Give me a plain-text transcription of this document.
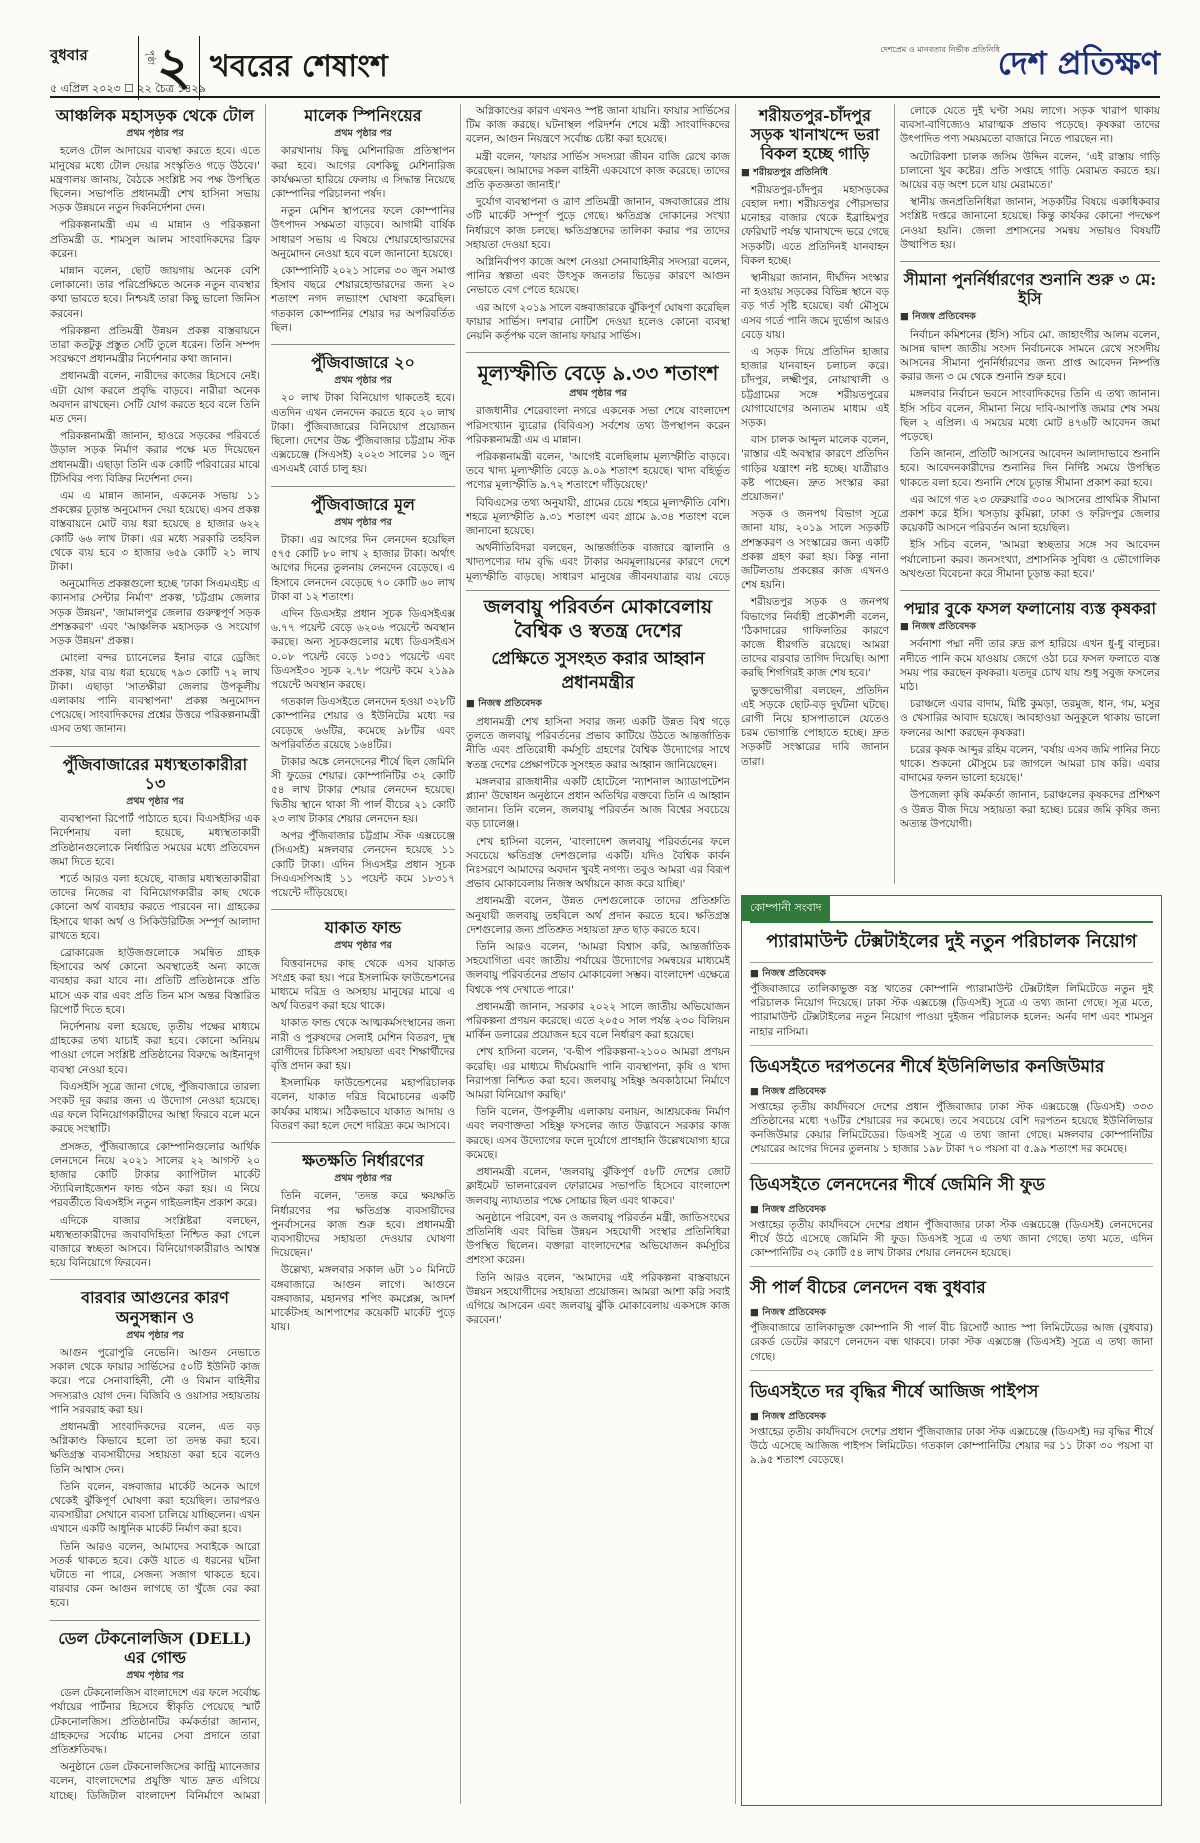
বুধবার
৫ এপ্রিল ২০২৩ ☐ ২২ চৈত্র ১৪২৯
পৃষ্ঠা ২ খবরের শেষাংশ	দেশপ্রেম ও মানবতার নির্ভীক প্রতিনিধি
দেশ প্রতিক্ষণ
আঞ্চলিক মহাসড়ক থেকে টোল
প্রথম পৃষ্ঠার পর

হলেও টোল আদায়ের ব্যবস্থা করতে হবে। এতে মানুষের মধ্যে টোল দেয়ার সংস্কৃতিও গড়ে উঠবে।' মন্ত্রণালয় জানায়, বৈঠকে সংশ্লিষ্ট সব পক্ষ উপস্থিত ছিলেন। সভাপতি প্রধানমন্ত্রী শেখ হাসিনা সভায় সড়ক উন্নয়নে নতুন দিকনির্দেশনা দেন।

পরিকল্পনামন্ত্রী এম এ মান্নান ও পরিকল্পনা প্রতিমন্ত্রী ড. শামসুল আলম সাংবাদিকদের ব্রিফ করেন।

মান্নান বলেন, ছোট জায়গায় অনেক বেশি লোকানো। তার পরিপ্রেক্ষিতে অনেক নতুন ব্যবস্থার কথা ভাবতে হবে। নিশ্চয়ই তারা কিছু ভালো জিনিস করবেন।

পরিকল্পনা প্রতিমন্ত্রী উন্নয়ন প্রকল্প বাস্তবায়নে তারা কতটুকু প্রস্তুত সেটি তুলে ধরেন। তিনি সম্পদ সংরক্ষণে প্রধানমন্ত্রীর নির্দেশনার কথা জানান।

প্রধানমন্ত্রী বলেন, নারীদের কাজের হিসেবে নেই। এটা যোগ করলে প্রবৃদ্ধি বাড়বে। নারীরা অনেক অবদান রাখছেন। সেটি যোগ করতে হবে বলে তিনি মত দেন।

পরিকল্পনামন্ত্রী জানান, হাওরে সড়কের পরিবর্তে উড়াল সড়ক নির্মাণ করার পক্ষে মত দিয়েছেন প্রধানমন্ত্রী। এছাড়া তিনি এক কোটি পরিবারের মাঝে টিসিবির পণ্য বিক্রির নির্দেশনা দেন।

এম এ মান্নান জানান, একনেক সভায় ১১ প্রকল্পের চূড়ান্ত অনুমোদন দেয়া হয়েছে। এসব প্রকল্প বাস্তবায়নে মোট ব্যয় ধরা হয়েছে ৪ হাজার ৬২২ কোটি ৬৬ লাখ টাকা। এর মধ্যে সরকারি তহবিল থেকে ব্যয় হবে ৩ হাজার ৬৫৯ কোটি ২১ লাখ টাকা।

অনুমোদিত প্রকল্পগুলো হচ্ছে 'ঢাকা সিএমএইচ এ ক্যানসার সেন্টার নির্মাণ' প্রকল্প, 'চট্টগ্রাম জেলার সড়ক উন্নয়ন', 'জামালপুর জেলার গুরুত্বপূর্ণ সড়ক প্রশস্তকরণ' এবং 'আঞ্চলিক মহাসড়ক ও সংযোগ সড়ক উন্নয়ন' প্রকল্প।

মোংলা বন্দর চ্যানেলের ইনার বারে ড্রেজিং প্রকল্প, যার ব্যয় ধরা হয়েছে ৭৯৩ কোটি ৭২ লাখ টাকা। এছাড়া 'সাতক্ষীরা জেলার উপকূলীয় এলাকায় পানি ব্যবস্থাপনা' প্রকল্প অনুমোদন পেয়েছে। সাংবাদিকদের প্রশ্নের উত্তরে পরিকল্পনামন্ত্রী এসব তথ্য জানান।

পুঁজিবাজারের মধ্যস্থতাকারীরা ১৩
প্রথম পৃষ্ঠার পর

ব্যবস্থাপনা রিপোর্ট পাঠাতে হবে। বিএসইসির এক নির্দেশনায় বলা হয়েছে, মধ্যস্থতাকারী প্রতিষ্ঠানগুলোকে নির্ধারিত সময়ের মধ্যে প্রতিবেদন জমা দিতে হবে।

শর্তে আরও বলা হয়েছে, বাজার মধ্যস্থতাকারীরা তাদের নিজের বা বিনিয়োগকারীর কাছ থেকে কোনো অর্থ ব্যবহার করতে পারবেন না। গ্রাহকের হিসাবে থাকা অর্থ ও সিকিউরিটিজ সম্পূর্ণ আলাদা রাখতে হবে।

ব্রোকারেজ হাউজগুলোকে সমন্বিত গ্রাহক হিসাবের অর্থ কোনো অবস্থাতেই অন্য কাজে ব্যবহার করা যাবে না। প্রতিটি প্রতিষ্ঠানকে প্রতি মাসে এক বার এবং প্রতি তিন মাস অন্তর বিস্তারিত রিপোর্ট দিতে হবে।

নির্দেশনায় বলা হয়েছে, তৃতীয় পক্ষের মাধ্যমে গ্রাহকের তথ্য যাচাই করা হবে। কোনো অনিয়ম পাওয়া গেলে সংশ্লিষ্ট প্রতিষ্ঠানের বিরুদ্ধে আইনানুগ ব্যবস্থা নেওয়া হবে।

বিএসইসি সূত্রে জানা গেছে, পুঁজিবাজারে তারল্য সংকট দূর করার জন্য এ উদ্যোগ নেওয়া হয়েছে। এর ফলে বিনিয়োগকারীদের আস্থা ফিরবে বলে মনে করছে সংস্থাটি।

প্রসঙ্গত, পুঁজিবাজারে কোম্পানিগুলোর আর্থিক লেনদেনে নিয়ে ২০২১ সালের ২২ আগস্ট ২০ হাজার কোটি টাকার ক্যাপিটাল মার্কেট স্ট্যাবিলাইজেশন ফান্ড গঠন করা হয়। এ নিয়ে পরবর্তীতে বিএসইসি নতুন গাইডলাইন প্রকাশ করে।

এদিকে বাজার সংশ্লিষ্টরা বলছেন, মধ্যস্থতাকারীদের জবাবদিহিতা নিশ্চিত করা গেলে বাজারে স্বচ্ছতা আসবে। বিনিয়োগকারীরাও আশ্বস্ত হয়ে বিনিয়োগে ফিরবেন।

বারবার আগুনের কারণ অনুসন্ধান ও
প্রথম পৃষ্ঠার পর

আগুন পুরোপুরি নেভেনি। আগুন নেভাতে সকাল থেকে ফায়ার সার্ভিসের ৫০টি ইউনিট কাজ করে। পরে সেনাবাহিনী, নৌ ও বিমান বাহিনীর সদস্যরাও যোগ দেন। বিজিবি ও ওয়াসার সহায়তায় পানি সরবরাহ করা হয়।

প্রধানমন্ত্রী সাংবাদিকদের বলেন, এত বড় অগ্নিকাণ্ড কিভাবে হলো তা তদন্ত করা হবে। ক্ষতিগ্রস্ত ব্যবসায়ীদের সহায়তা করা হবে বলেও তিনি আশ্বাস দেন।

তিনি বলেন, বঙ্গবাজার মার্কেট অনেক আগে থেকেই ঝুঁকিপূর্ণ ঘোষণা করা হয়েছিল। তারপরও ব্যবসায়ীরা সেখানে ব্যবসা চালিয়ে যাচ্ছিলেন। এখন এখানে একটি আধুনিক মার্কেট নির্মাণ করা হবে।

তিনি আরও বলেন, আমাদের সবাইকে আরো সতর্ক থাকতে হবে। কেউ যাতে এ ধরনের ঘটনা ঘটাতে না পারে, সেজন্য সজাগ থাকতে হবে। বারবার কেন আগুন লাগছে তা খুঁজে বের করা হবে।

ডেল টেকনোলজিস (DELL) এর গোল্ড
প্রথম পৃষ্ঠার পর

ডেল টেকনোলজিস বাংলাদেশে এর ফলে সর্বোচ্চ পর্যায়ের পার্টনার হিসেবে স্বীকৃতি পেয়েছে স্মার্ট টেকনোলজিস। প্রতিষ্ঠানটির কর্মকর্তারা জানান, গ্রাহকদের সর্বোচ্চ মানের সেবা প্রদানে তারা প্রতিশ্রুতিবদ্ধ।

অনুষ্ঠানে ডেল টেকনোলজিসের কান্ট্রি ম্যানেজার বলেন, বাংলাদেশের প্রযুক্তি খাত দ্রুত এগিয়ে যাচ্ছে। ডিজিটাল বাংলাদেশ বিনির্মাণে আমরা

মালেক স্পিনিংয়ের
প্রথম পৃষ্ঠার পর

কারখানায় কিছু মেশিনারিজ প্রতিস্থাপন করা হবে। আগের বেশকিছু মেশিনারিজ কার্যক্ষমতা হারিয়ে ফেলায় এ সিদ্ধান্ত নিয়েছে কোম্পানির পরিচালনা পর্ষদ।

নতুন মেশিন স্থাপনের ফলে কোম্পানির উৎপাদন সক্ষমতা বাড়বে। আগামী বার্ষিক সাধারণ সভায় এ বিষয়ে শেয়ারহোল্ডারদের অনুমোদন নেওয়া হবে বলে জানানো হয়েছে।

কোম্পানিটি ২০২১ সালের ৩০ জুন সমাপ্ত হিসাব বছরে শেয়ারহোল্ডারদের জন্য ২০ শতাংশ নগদ লভ্যাংশ ঘোষণা করেছিল। গতকাল কোম্পানির শেয়ার দর অপরিবর্তিত ছিল।

পুঁজিবাজারে ২০
প্রথম পৃষ্ঠার পর

২০ লাখ টাকা বিনিয়োগ থাকতেই হবে। এতদিন এখন লেনদেন করতে হবে ২০ লাখ টাকা। পুঁজিবাজারের বিনিয়োগ প্রয়োজন ছিলো। দেশের উচ্চ পুঁজিবাজার চট্টগ্রাম স্টক এক্সচেঞ্জে (সিএসই) ২০২৩ সালের ১০ জুন এসএমই বোর্ড চালু হয়।

পুঁজিবাজারে মূল
প্রথম পৃষ্ঠার পর

টাকা। এর আগের দিন লেনদেন হয়েছিল ৫৭৫ কোটি ৮০ লাখ ২ হাজার টাকা। অর্থাৎ আগের দিনের তুলনায় লেনদেন বেড়েছে। এ হিসাবে লেনদেন বেড়েছে ৭০ কোটি ৬০ লাখ টাকা বা ১২ শতাংশ।

এদিন ডিএসইর প্রধান সূচক ডিএসইএক্স ৬.৭৭ পয়েন্ট বেড়ে ৬২০৬ পয়েন্টে অবস্থান করছে। অন্য সূচকগুলোর মধ্যে ডিএসইএস ০.০৮ পয়েন্ট বেড়ে ১৩৫১ পয়েন্টে এবং ডিএসই৩০ সূচক ২.৭৮ পয়েন্ট কমে ২১৯৯ পয়েন্টে অবস্থান করছে।

গতকাল ডিএসইতে লেনদেন হওয়া ৩২৮টি কোম্পানির শেয়ার ও ইউনিটের মধ্যে দর বেড়েছে ৬৬টির, কমেছে ৯৮টির এবং অপরিবর্তিত রয়েছে ১৬৪টির।

টাকার অঙ্কে লেনদেনের শীর্ষে ছিল জেমিনি সী ফুডের শেয়ার। কোম্পানিটির ৩২ কোটি ৫৪ লাখ টাকার শেয়ার লেনদেন হয়েছে। দ্বিতীয় স্থানে থাকা সী পার্ল বীচের ২১ কোটি ২৩ লাখ টাকার শেয়ার লেনদেন হয়।

অপর পুঁজিবাজার চট্টগ্রাম স্টক এক্সচেঞ্জে (সিএসই) মঙ্গলবার লেনদেন হয়েছে ১১ কোটি টাকা। এদিন সিএসইর প্রধান সূচক সিএএসপিআই ১১ পয়েন্ট কমে ১৮৩১৭ পয়েন্টে দাঁড়িয়েছে।

যাকাত ফান্ড
প্রথম পৃষ্ঠার পর

বিত্তবানদের কাছ থেকে এসব যাকাত সংগ্রহ করা হয়। পরে ইসলামিক ফাউন্ডেশনের মাধ্যমে দরিদ্র ও অসহায় মানুষের মাঝে এ অর্থ বিতরণ করা হয়ে থাকে।

যাকাত ফান্ড থেকে আত্মকর্মসংস্থানের জন্য নারী ও পুরুষদের সেলাই মেশিন বিতরণ, দুস্থ রোগীদের চিকিৎসা সহায়তা এবং শিক্ষার্থীদের বৃত্তি প্রদান করা হয়।

ইসলামিক ফাউন্ডেশনের মহাপরিচালক বলেন, যাকাত দরিদ্র বিমোচনের একটি কার্যকর মাধ্যম। সঠিকভাবে যাকাত আদায় ও বিতরণ করা হলে দেশে দারিদ্র্য কমে আসবে।

ক্ষতক্ষতি নির্ধারণের
প্রথম পৃষ্ঠার পর

তিনি বলেন, 'তদন্ত করে ক্ষয়ক্ষতি নির্ধারণের পর ক্ষতিগ্রস্ত ব্যবসায়ীদের পুনর্বাসনের কাজ শুরু হবে। প্রধানমন্ত্রী ব্যবসায়ীদের সহায়তা দেওয়ার ঘোষণা দিয়েছেন।'

উল্লেখ্য, মঙ্গলবার সকাল ৬টা ১০ মিনিটে বঙ্গবাজারে আগুন লাগে। আগুনে বঙ্গবাজার, মহানগর শপিং কমপ্লেক্স, আদর্শ মার্কেটসহ আশপাশের কয়েকটি মার্কেট পুড়ে যায়।

অগ্নিকাণ্ডের কারণ এখনও স্পষ্ট জানা যায়নি। ফায়ার সার্ভিসের টিম কাজ করছে। ঘটনাস্থল পরিদর্শন শেষে মন্ত্রী সাংবাদিকদের বলেন, আগুন নিয়ন্ত্রণে সর্বোচ্চ চেষ্টা করা হয়েছে।

মন্ত্রী বলেন, 'ফায়ার সার্ভিস সদস্যরা জীবন বাজি রেখে কাজ করেছেন। আমাদের সকল বাহিনী একযোগে কাজ করেছে। তাদের প্রতি কৃতজ্ঞতা জানাই।'

দুর্যোগ ব্যবস্থাপনা ও ত্রাণ প্রতিমন্ত্রী জানান, বঙ্গবাজারের প্রায় ৩টি মার্কেট সম্পূর্ণ পুড়ে গেছে। ক্ষতিগ্রস্ত দোকানের সংখ্যা নির্ধারণে কাজ চলছে। ক্ষতিগ্রস্তদের তালিকা করার পর তাদের সহায়তা দেওয়া হবে।

অগ্নিনির্বাপণ কাজে অংশ নেওয়া সেনাবাহিনীর সদস্যরা বলেন, পানির স্বল্পতা এবং উৎসুক জনতার ভিড়ের কারণে আগুন নেভাতে বেগ পেতে হয়েছে।

এর আগে ২০১৯ সালে বঙ্গবাজারকে ঝুঁকিপূর্ণ ঘোষণা করেছিল ফায়ার সার্ভিস। দশবার নোটিশ দেওয়া হলেও কোনো ব্যবস্থা নেয়নি কর্তৃপক্ষ বলে জানায় ফায়ার সার্ভিস।

মূল্যস্ফীতি বেড়ে ৯.৩৩ শতাংশ
প্রথম পৃষ্ঠার পর

রাজধানীর শেরেবাংলা নগরে একনেক সভা শেষে বাংলাদেশ পরিসংখ্যান ব্যুরোর (বিবিএস) সর্বশেষ তথ্য উপস্থাপন করেন পরিকল্পনামন্ত্রী এম এ মান্নান।

পরিকল্পনামন্ত্রী বলেন, 'আগেই বলেছিলাম মূল্যস্ফীতি বাড়বে। তবে খাদ্য মূল্যস্ফীতি বেড়ে ৯.০৯ শতাংশ হয়েছে। খাদ্য বহির্ভূত পণ্যের মূল্যস্ফীতি ৯.৭২ শতাংশে দাঁড়িয়েছে।'

বিবিএসের তথ্য অনুযায়ী, গ্রামের চেয়ে শহরে মূল্যস্ফীতি বেশি। শহরে মূল্যস্ফীতি ৯.৩১ শতাংশ এবং গ্রামে ৯.৩৪ শতাংশ বলে জানানো হয়েছে।

অর্থনীতিবিদরা বলছেন, আন্তর্জাতিক বাজারে জ্বালানি ও খাদ্যপণ্যের দাম বৃদ্ধি এবং টাকার অবমূল্যায়নের কারণে দেশে মূল্যস্ফীতি বাড়ছে। সাধারণ মানুষের জীবনযাত্রার ব্যয় বেড়ে

জলবায়ু পরিবর্তন মোকাবেলায় বৈশ্বিক ও স্বতন্ত্র দেশের
প্রেক্ষিতে সুসংহত করার আহ্বান প্রধানমন্ত্রীর
■ নিজস্ব প্রতিবেদক

প্রধানমন্ত্রী শেখ হাসিনা সবার জন্য একটি উন্নত বিশ্ব গড়ে তুলতে জলবায়ু পরিবর্তনের প্রভাব কাটিয়ে উঠতে আন্তর্জাতিক নীতি এবং প্রতিরোধী কর্মসূচি গ্রহণের বৈশ্বিক উদ্যোগের সাথে স্বতন্ত্র দেশের প্রেক্ষাপটকে সুসংহত করার আহ্বান জানিয়েছেন।

মঙ্গলবার রাজধানীর একটি হোটেলে 'ন্যাশনাল অ্যাডাপটেশন প্ল্যান' উদ্বোধন অনুষ্ঠানে প্রধান অতিথির বক্তব্যে তিনি এ আহ্বান জানান। তিনি বলেন, জলবায়ু পরিবর্তন আজ বিশ্বের সবচেয়ে বড় চ্যালেঞ্জ।

শেখ হাসিনা বলেন, 'বাংলাদেশ জলবায়ু পরিবর্তনের ফলে সবচেয়ে ক্ষতিগ্রস্ত দেশগুলোর একটি। যদিও বৈশ্বিক কার্বন নিঃসরণে আমাদের অবদান খুবই নগণ্য। তবুও আমরা এর বিরূপ প্রভাব মোকাবেলায় নিজস্ব অর্থায়নে কাজ করে যাচ্ছি।'

প্রধানমন্ত্রী বলেন, উন্নত দেশগুলোকে তাদের প্রতিশ্রুতি অনুযায়ী জলবায়ু তহবিলে অর্থ প্রদান করতে হবে। ক্ষতিগ্রস্ত দেশগুলোর জন্য প্রতিশ্রুত সহায়তা দ্রুত ছাড় করতে হবে।

তিনি আরও বলেন, 'আমরা বিশ্বাস করি, আন্তর্জাতিক সহযোগিতা এবং জাতীয় পর্যায়ের উদ্যোগের সমন্বয়ের মাধ্যমেই জলবায়ু পরিবর্তনের প্রভাব মোকাবেলা সম্ভব। বাংলাদেশ এক্ষেত্রে বিশ্বকে পথ দেখাতে পারে।'

প্রধানমন্ত্রী জানান, সরকার ২০২২ সালে জাতীয় অভিযোজন পরিকল্পনা প্রণয়ন করেছে। এতে ২০৫০ সাল পর্যন্ত ২৩০ বিলিয়ন মার্কিন ডলারের প্রয়োজন হবে বলে নির্ধারণ করা হয়েছে।

শেখ হাসিনা বলেন, 'ব-দ্বীপ পরিকল্পনা-২১০০ আমরা প্রণয়ন করেছি। এর মাধ্যমে দীর্ঘমেয়াদি পানি ব্যবস্থাপনা, কৃষি ও খাদ্য নিরাপত্তা নিশ্চিত করা হবে। জলবায়ু সহিষ্ণু অবকাঠামো নির্মাণে আমরা বিনিয়োগ করছি।'

তিনি বলেন, উপকূলীয় এলাকায় বনায়ন, আশ্রয়কেন্দ্র নির্মাণ এবং লবণাক্ততা সহিষ্ণু ফসলের জাত উদ্ভাবনে সরকার কাজ করছে। এসব উদ্যোগের ফলে দুর্যোগে প্রাণহানি উল্লেখযোগ্য হারে কমেছে।

প্রধানমন্ত্রী বলেন, 'জলবায়ু ঝুঁকিপূর্ণ ৫৮টি দেশের জোট ক্লাইমেট ভালনারেবল ফোরামের সভাপতি হিসেবে বাংলাদেশ জলবায়ু ন্যায্যতার পক্ষে সোচ্চার ছিল এবং থাকবে।'

অনুষ্ঠানে পরিবেশ, বন ও জলবায়ু পরিবর্তন মন্ত্রী, জাতিসংঘের প্রতিনিধি এবং বিভিন্ন উন্নয়ন সহযোগী সংস্থার প্রতিনিধিরা উপস্থিত ছিলেন। বক্তারা বাংলাদেশের অভিযোজন কর্মসূচির প্রশংসা করেন।

তিনি আরও বলেন, 'আমাদের এই পরিকল্পনা বাস্তবায়নে উন্নয়ন সহযোগীদের সহায়তা প্রয়োজন। আমরা আশা করি সবাই এগিয়ে আসবেন এবং জলবায়ু ঝুঁকি মোকাবেলায় একসঙ্গে কাজ করবেন।'

শরীয়তপুর-চাঁদপুর সড়ক খানাখন্দে ভরা বিকল হচ্ছে গাড়ি
■ শরীয়তপুর প্রতিনিধি

শরীয়তপুর-চাঁদপুর মহাসড়কের বেহাল দশা। শরীয়তপুর পৌরসভার মনোহর বাজার থেকে ইব্রাহিমপুর ফেরিঘাট পর্যন্ত খানাখন্দে ভরে গেছে সড়কটি। এতে প্রতিদিনই যানবাহন বিকল হচ্ছে।

স্থানীয়রা জানান, দীর্ঘদিন সংস্কার না হওয়ায় সড়কের বিভিন্ন স্থানে বড় বড় গর্ত সৃষ্টি হয়েছে। বর্ষা মৌসুমে এসব গর্তে পানি জমে দুর্ভোগ আরও বেড়ে যায়।

এ সড়ক দিয়ে প্রতিদিন হাজার হাজার যানবাহন চলাচল করে। চাঁদপুর, লক্ষ্মীপুর, নোয়াখালী ও চট্টগ্রামের সঙ্গে শরীয়তপুরের যোগাযোগের অন্যতম মাধ্যম এই সড়ক।

বাস চালক আব্দুল মালেক বলেন, 'রাস্তার এই অবস্থার কারণে প্রতিদিন গাড়ির যন্ত্রাংশ নষ্ট হচ্ছে। যাত্রীরাও কষ্ট পাচ্ছেন। দ্রুত সংস্কার করা প্রয়োজন।'

সড়ক ও জনপথ বিভাগ সূত্রে জানা যায়, ২০১৯ সালে সড়কটি প্রশস্তকরণ ও সংস্কারের জন্য একটি প্রকল্প গ্রহণ করা হয়। কিন্তু নানা জটিলতায় প্রকল্পের কাজ এখনও শেষ হয়নি।

শরীয়তপুর সড়ক ও জনপথ বিভাগের নির্বাহী প্রকৌশলী বলেন, 'ঠিকাদারের গাফিলতির কারণে কাজে ধীরগতি রয়েছে। আমরা তাদের বারবার তাগিদ দিয়েছি। আশা করছি শিগগিরই কাজ শেষ হবে।'

ভুক্তভোগীরা বলছেন, প্রতিদিন এই সড়কে ছোট-বড় দুর্ঘটনা ঘটছে। রোগী নিয়ে হাসপাতালে যেতেও চরম ভোগান্তি পোহাতে হচ্ছে। দ্রুত সড়কটি সংস্কারের দাবি জানান তারা।

লোকে যেতে দুই ঘণ্টা সময় লাগে। সড়ক খারাপ থাকায় ব্যবসা-বাণিজ্যেও মারাত্মক প্রভাব পড়েছে। কৃষকরা তাদের উৎপাদিত পণ্য সময়মতো বাজারে নিতে পারছেন না।

অটোরিকশা চালক জসিম উদ্দিন বলেন, 'এই রাস্তায় গাড়ি চালানো খুব কষ্টের। প্রতি সপ্তাহে গাড়ি মেরামত করতে হয়। আয়ের বড় অংশ চলে যায় মেরামতে।'

স্থানীয় জনপ্রতিনিধিরা জানান, সড়কটির বিষয়ে একাধিকবার সংশ্লিষ্ট দপ্তরে জানানো হয়েছে। কিন্তু কার্যকর কোনো পদক্ষেপ নেওয়া হয়নি। জেলা প্রশাসনের সমন্বয় সভায়ও বিষয়টি উত্থাপিত হয়।

সীমানা পুনর্নির্ধারণের শুনানি শুরু ৩ মে: ইসি
■ নিজস্ব প্রতিবেদক

নির্বাচন কমিশনের (ইসি) সচিব মো. জাহাংগীর আলম বলেন, আসন্ন দ্বাদশ জাতীয় সংসদ নির্বাচনকে সামনে রেখে সংসদীয় আসনের সীমানা পুনর্নির্ধারণের জন্য প্রাপ্ত আবেদন নিষ্পত্তি করার জন্য ৩ মে থেকে শুনানি শুরু হবে।

মঙ্গলবার নির্বাচন ভবনে সাংবাদিকদের তিনি এ তথ্য জানান। ইসি সচিব বলেন, সীমানা নিয়ে দাবি-আপত্তি জমার শেষ সময় ছিল ২ এপ্রিল। এ সময়ের মধ্যে মোট ৪৭৬টি আবেদন জমা পড়েছে।

তিনি জানান, প্রতিটি আসনের আবেদন আলাদাভাবে শুনানি হবে। আবেদনকারীদের শুনানির দিন নির্দিষ্ট সময়ে উপস্থিত থাকতে বলা হবে। শুনানি শেষে চূড়ান্ত সীমানা প্রকাশ করা হবে।

এর আগে গত ২৩ ফেব্রুয়ারি ৩০০ আসনের প্রাথমিক সীমানা প্রকাশ করে ইসি। খসড়ায় কুমিল্লা, ঢাকা ও ফরিদপুর জেলার কয়েকটি আসনে পরিবর্তন আনা হয়েছিল।

ইসি সচিব বলেন, 'আমরা স্বচ্ছতার সঙ্গে সব আবেদন পর্যালোচনা করব। জনসংখ্যা, প্রশাসনিক সুবিধা ও ভৌগোলিক অখণ্ডতা বিবেচনা করে সীমানা চূড়ান্ত করা হবে।'

পদ্মার বুকে ফসল ফলানোয় ব্যস্ত কৃষকরা
■ নিজস্ব প্রতিবেদক

সর্বনাশা পদ্মা নদী তার রুদ্র রূপ হারিয়ে এখন ধু-ধু বালুচর। নদীতে পানি কমে যাওয়ায় জেগে ওঠা চরে ফসল ফলাতে ব্যস্ত সময় পার করছেন কৃষকরা। যতদূর চোখ যায় শুধু সবুজ ফসলের মাঠ।

চরাঞ্চলে এবার বাদাম, মিষ্টি কুমড়া, তরমুজ, ধান, গম, মসুর ও খেসারির আবাদ হয়েছে। আবহাওয়া অনুকূলে থাকায় ভালো ফলনের আশা করছেন কৃষকরা।

চরের কৃষক আব্দুর রহিম বলেন, 'বর্ষায় এসব জমি পানির নিচে থাকে। শুকনো মৌসুমে চর জাগলে আমরা চাষ করি। এবার বাদামের ফলন ভালো হয়েছে।'

উপজেলা কৃষি কর্মকর্তা জানান, চরাঞ্চলের কৃষকদের প্রশিক্ষণ ও উন্নত বীজ দিয়ে সহায়তা করা হচ্ছে। চরের জমি কৃষির জন্য অত্যন্ত উপযোগী।

কোম্পানী সংবাদ
প্যারামাউন্ট টেক্সটাইলের দুই নতুন পরিচালক নিয়োগ
■ নিজস্ব প্রতিবেদক

পুঁজিবাজারে তালিকাভুক্ত বস্ত্র খাতের কোম্পানি প্যারামাউন্ট টেক্সটাইল লিমিটেডে নতুন দুই পরিচালক নিয়োগ দিয়েছে। ঢাকা স্টক এক্সচেঞ্জ (ডিএসই) সূত্রে এ তথ্য জানা গেছে। সূত্র মতে, প্যারামাউন্ট টেক্সটাইলের নতুন নিয়োগ পাওয়া দুইজন পরিচালক হলেন: অর্নব দাশ এবং শামসুন নাহার নাসিমা।

ডিএসইতে দরপতনের শীর্ষে ইউনিলিভার কনজিউমার
■ নিজস্ব প্রতিবেদক

সপ্তাহের তৃতীয় কার্যদিবসে দেশের প্রধান পুঁজিবাজার ঢাকা স্টক এক্সচেঞ্জে (ডিএসই) ৩৩৩ প্রতিষ্ঠানের মধ্যে ৭৬টির শেয়ারের দর কমেছে। তবে সবচেয়ে বেশি দরপতন হয়েছে ইউনিলিভার কনজিউমার কেয়ার লিমিটেডের। ডিএসই সূত্রে এ তথ্য জানা গেছে। মঙ্গলবার কোম্পানিটির শেয়ারের আগের দিনের তুলনায় ১ হাজার ১৯৮ টাকা ৭০ পয়সা বা ৫.৯৯ শতাংশ দর কমেছে।

ডিএসইতে লেনদেনের শীর্ষে জেমিনি সী ফুড
■ নিজস্ব প্রতিবেদক

সপ্তাহের তৃতীয় কার্যদিবসে দেশের প্রধান পুঁজিবাজার ঢাকা স্টক এক্সচেঞ্জে (ডিএসই) লেনদেনের শীর্ষে উঠে এসেছে জেমিনি সী ফুড। ডিএসই সূত্রে এ তথ্য জানা গেছে। তথ্য মতে, এদিন কোম্পানিটির ৩২ কোটি ৫৪ লাখ টাকার শেয়ার লেনদেন হয়েছে।

সী পার্ল বীচের লেনদেন বন্ধ বুধবার
■ নিজস্ব প্রতিবেদক

পুঁজিবাজারে তালিকাভুক্ত কোম্পানি সী পার্ল বীচ রিসোর্ট অ্যান্ড স্পা লিমিটেডের আজ (বুধবার) রেকর্ড ডেটের কারণে লেনদেন বন্ধ থাকবে। ঢাকা স্টক এক্সচেঞ্জ (ডিএসই) সূত্রে এ তথ্য জানা গেছে।

ডিএসইতে দর বৃদ্ধির শীর্ষে আজিজ পাইপস
■ নিজস্ব প্রতিবেদক

সপ্তাহের তৃতীয় কার্যদিবসে দেশের প্রধান পুঁজিবাজার ঢাকা স্টক এক্সচেঞ্জে (ডিএসই) দর বৃদ্ধির শীর্ষে উঠে এসেছে আজিজ পাইপস লিমিটেড। গতকাল কোম্পানিটির শেয়ার দর ১১ টাকা ৩০ পয়সা বা ৯.৯৫ শতাংশ বেড়েছে।
